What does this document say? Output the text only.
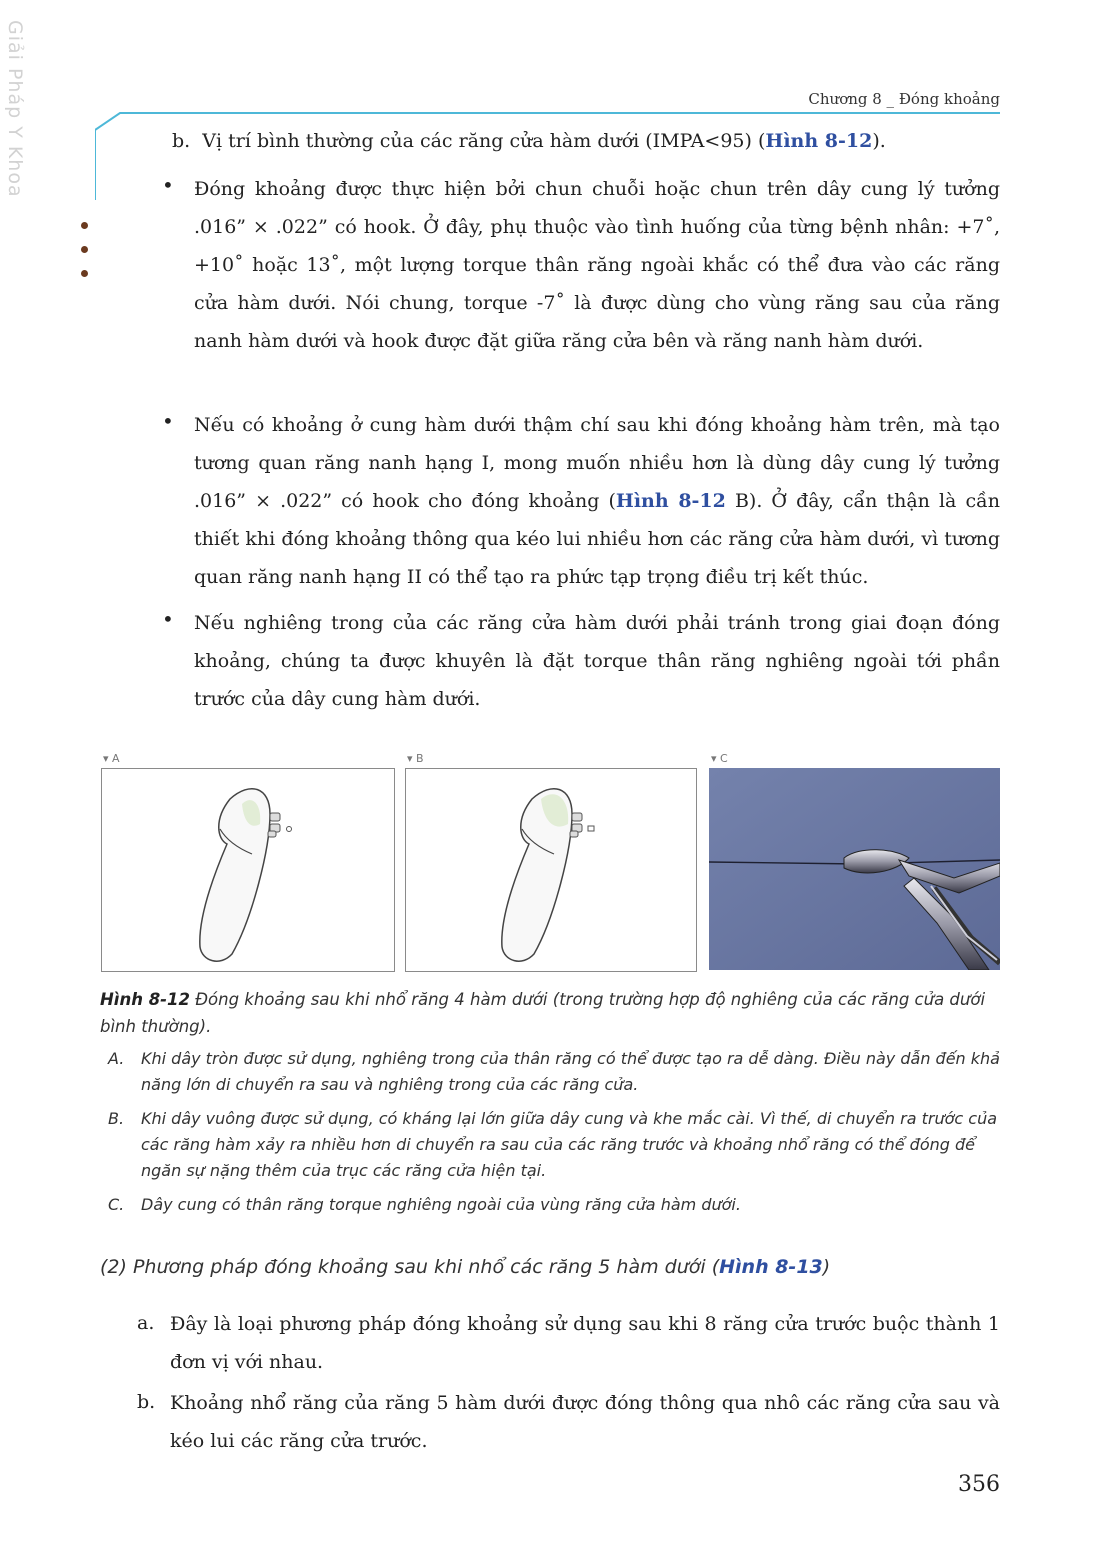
Giải Pháp Y Khoa	Chương 8 _ Đóng khoảng
b. Vị trí bình thường của các răng cửa hàm dưới (IMPA<95) (Hình 8-12).
• Đóng khoảng được thực hiện bởi chun chuỗi hoặc chun trên dây cung lý tưởng .016” × .022” có hook. Ở đây, phụ thuộc vào tình huống của từng bệnh nhân: +7˚, +10˚ hoặc 13˚, một lượng torque thân răng ngoài khắc có thể đưa vào các răng cửa hàm dưới. Nói chung, torque -7˚ là được dùng cho vùng răng sau của răng nanh hàm dưới và hook được đặt giữa răng cửa bên và răng nanh hàm dưới.
• Nếu có khoảng ở cung hàm dưới thậm chí sau khi đóng khoảng hàm trên, mà tạo tương quan răng nanh hạng I, mong muốn nhiều hơn là dùng dây cung lý tưởng .016” × .022” có hook cho đóng khoảng (Hình 8-12 B). Ở đây, cẩn thận là cần thiết khi đóng khoảng thông qua kéo lui nhiều hơn các răng cửa hàm dưới, vì tương quan răng nanh hạng II có thể tạo ra phức tạp trọng điều trị kết thúc.
• Nếu nghiêng trong của các răng cửa hàm dưới phải tránh trong giai đoạn đóng khoảng, chúng ta được khuyên là đặt torque thân răng nghiêng ngoài tới phần trước của dây cung hàm dưới.
▾ A	▾ B	▾ C
Hình 8-12 Đóng khoảng sau khi nhổ răng 4 hàm dưới (trong trường hợp độ nghiêng của các răng cửa dưới bình thường).
A. Khi dây tròn được sử dụng, nghiêng trong của thân răng có thể được tạo ra dễ dàng. Điều này dẫn đến khả năng lớn di chuyển ra sau và nghiêng trong của các răng cửa.
B. Khi dây vuông được sử dụng, có kháng lại lớn giữa dây cung và khe mắc cài. Vì thế, di chuyển ra trước của các răng hàm xảy ra nhiều hơn di chuyển ra sau của các răng trước và khoảng nhổ răng có thể đóng để ngăn sự nặng thêm của trục các răng cửa hiện tại.
C. Dây cung có thân răng torque nghiêng ngoài của vùng răng cửa hàm dưới.
(2) Phương pháp đóng khoảng sau khi nhổ các răng 5 hàm dưới (Hình 8-13)
a. Đây là loại phương pháp đóng khoảng sử dụng sau khi 8 răng cửa trước buộc thành 1 đơn vị với nhau.
b. Khoảng nhổ răng của răng 5 hàm dưới được đóng thông qua nhô các răng cửa sau và kéo lui các răng cửa trước.
356
